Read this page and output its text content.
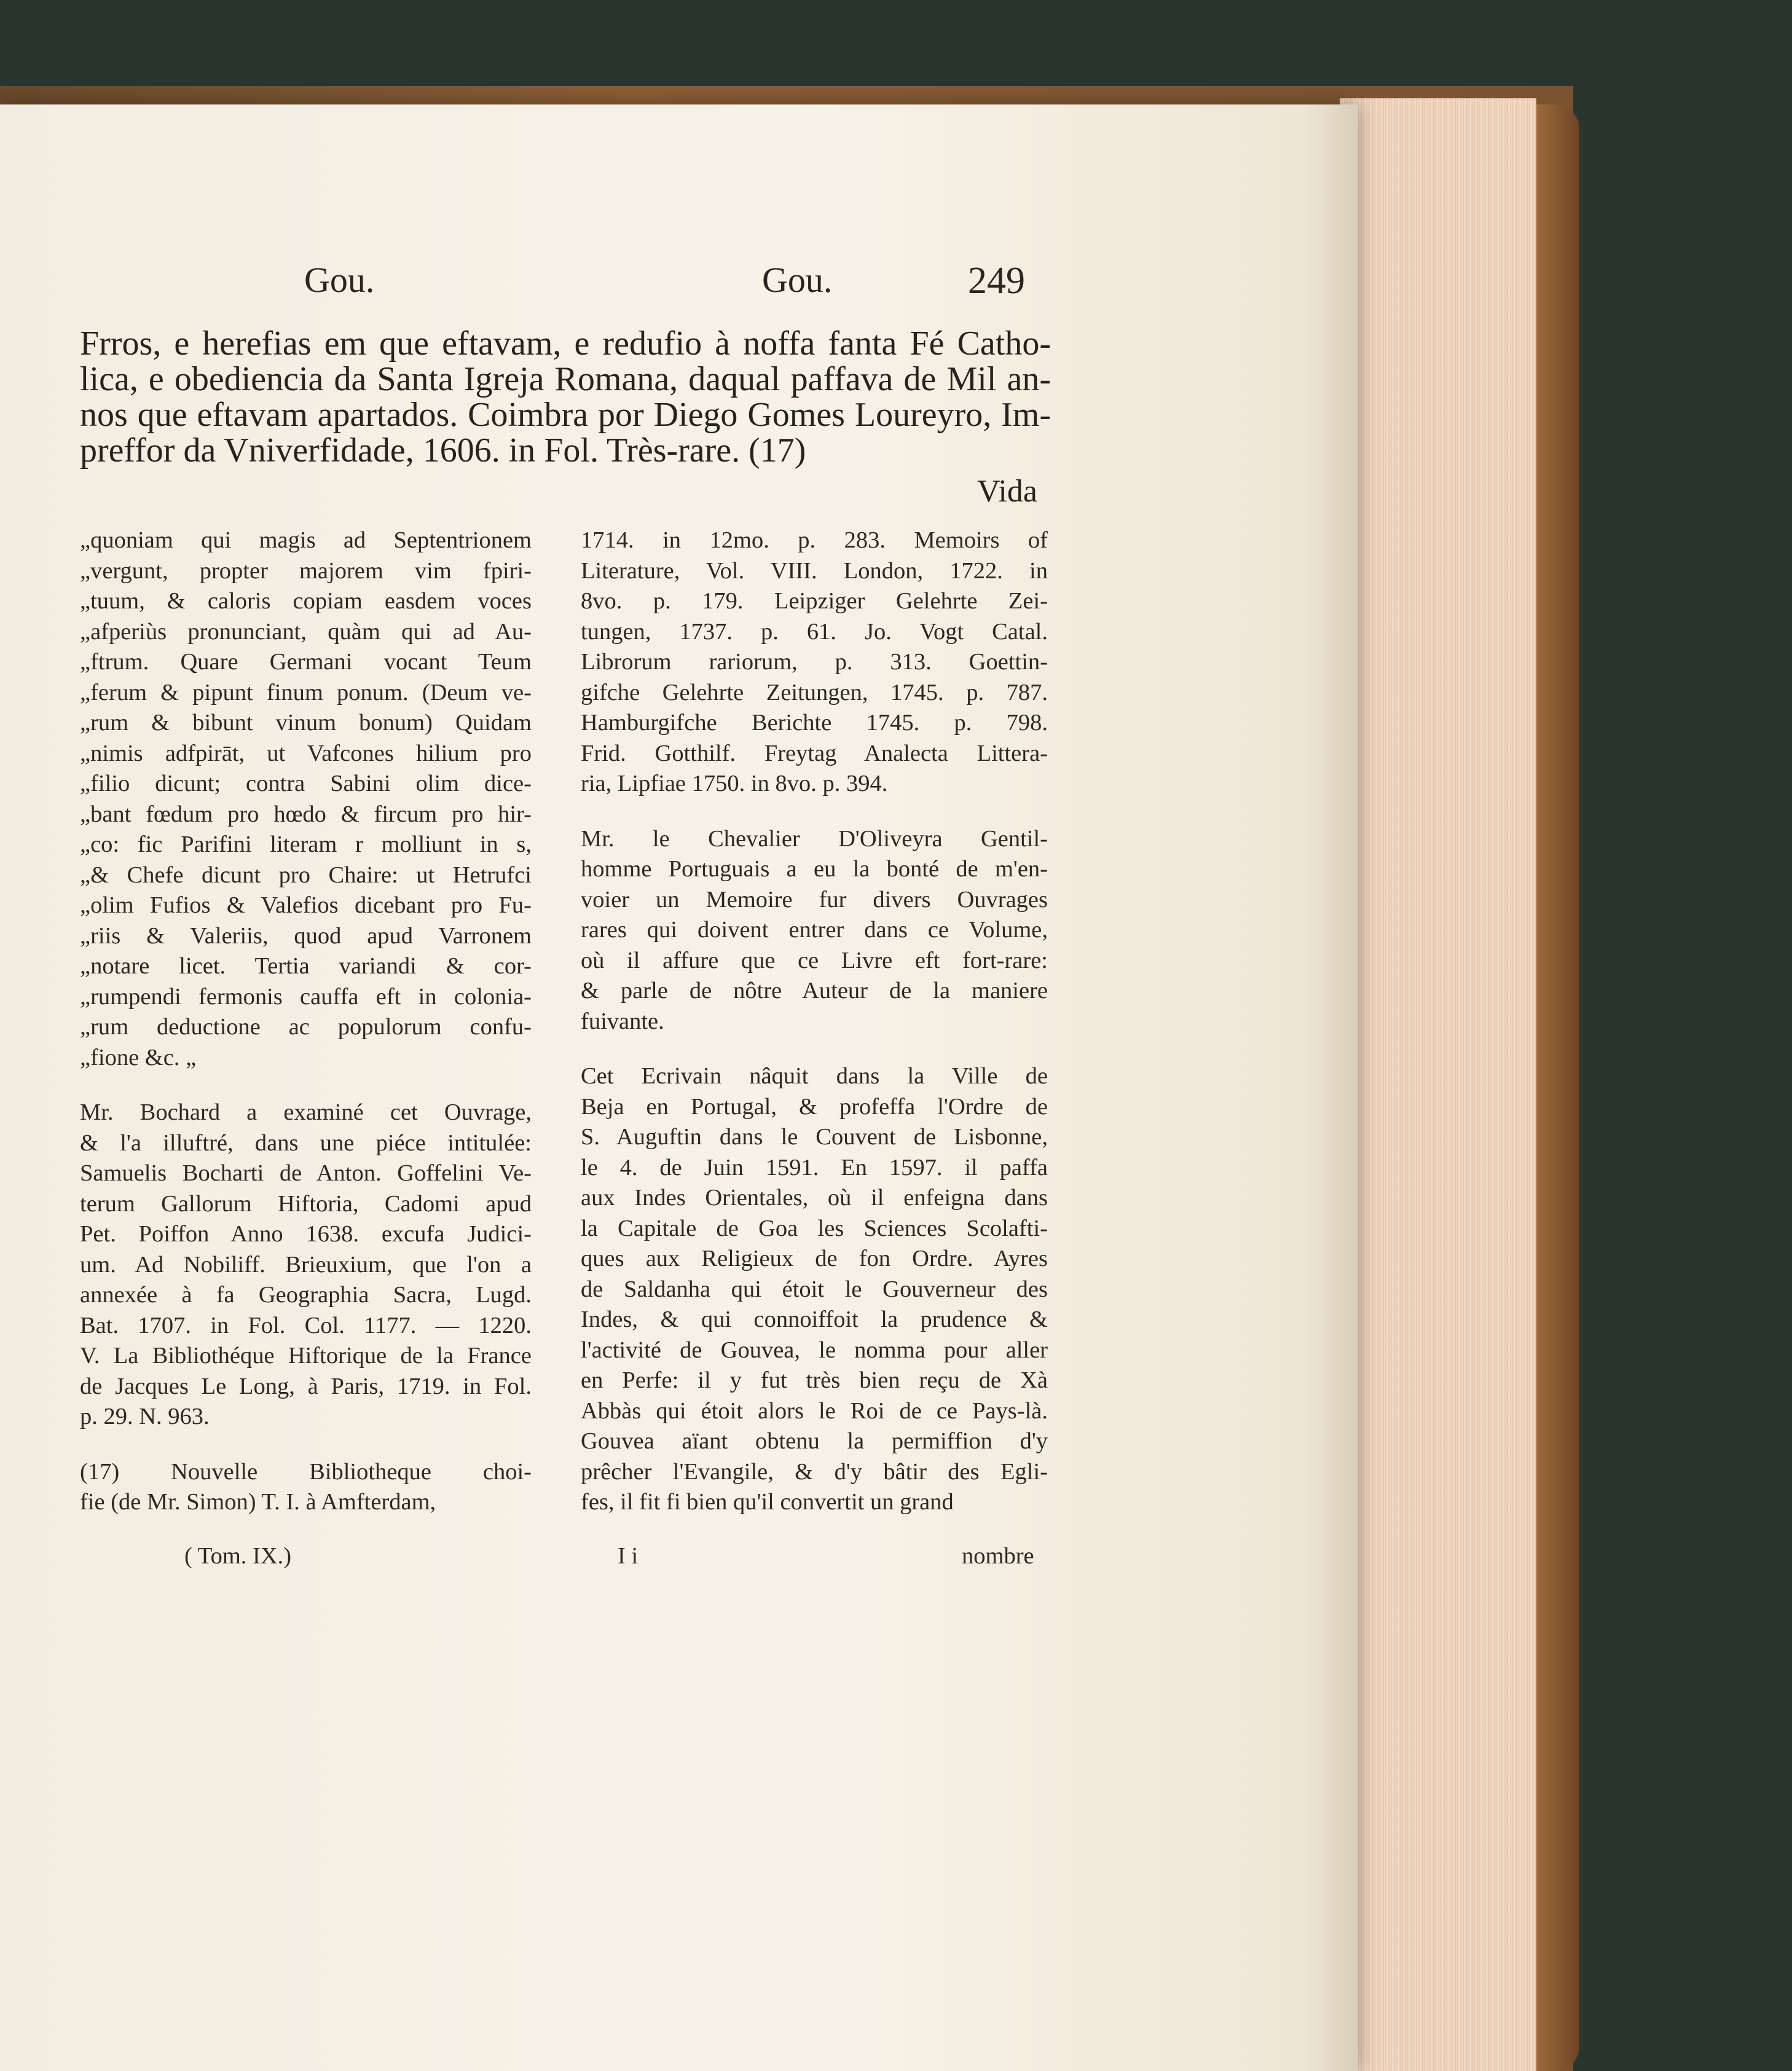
Gou.	Gou.	249
Frros, e herefias em que eftavam, e redufio à noffa fanta Fé Catho-
lica, e obediencia da Santa Igreja Romana, daqual paffava de Mil an-
nos que eftavam apartados. Coimbra por Diego Gomes Loureyro, Im-
preffor da Vniverfidade, 1606. in Fol. Très-rare. (17)
Vida
„quoniam qui magis ad Septentrionem
„vergunt, propter majorem vim fpiri-
„tuum, & caloris copiam easdem voces
„afperiùs pronunciant, quàm qui ad Au-
„ftrum. Quare Germani vocant Teum
„ferum & pipunt finum ponum. (Deum ve-
„rum & bibunt vinum bonum) Quidam
„nimis adfpirāt, ut Vafcones hilium pro
„filio dicunt; contra Sabini olim dice-
„bant fœdum pro hœdo & fircum pro hir-
„co: fic Parifini literam r molliunt in s,
„& Chefe dicunt pro Chaire: ut Hetrufci
„olim Fufios & Valefios dicebant pro Fu-
„riis & Valeriis, quod apud Varronem
„notare licet. Tertia variandi & cor-
„rumpendi fermonis cauffa eft in colonia-
„rum deductione ac populorum confu-
„fione &c. „
Mr. Bochard a examiné cet Ouvrage,
& l'a illuftré, dans une piéce intitulée:
Samuelis Bocharti de Anton. Goffelini Ve-
terum Gallorum Hiftoria, Cadomi apud
Pet. Poiffon Anno 1638. excufa Judici-
um. Ad Nobiliff. Brieuxium, que l'on a
annexée à fa Geographia Sacra, Lugd.
Bat. 1707. in Fol. Col. 1177. — 1220.
V. La Bibliothéque Hiftorique de la France
de Jacques Le Long, à Paris, 1719. in Fol.
p. 29. N. 963.
(17) Nouvelle Bibliotheque choi-
fie (de Mr. Simon) T. I. à Amfterdam,
1714. in 12mo. p. 283. Memoirs of
Literature, Vol. VIII. London, 1722. in
8vo. p. 179. Leipziger Gelehrte Zei-
tungen, 1737. p. 61. Jo. Vogt Catal.
Librorum rariorum, p. 313. Goettin-
gifche Gelehrte Zeitungen, 1745. p. 787.
Hamburgifche Berichte 1745. p. 798.
Frid. Gotthilf. Freytag Analecta Littera-
ria, Lipfiae 1750. in 8vo. p. 394.
Mr. le Chevalier D'Oliveyra Gentil-
homme Portuguais a eu la bonté de m'en-
voier un Memoire fur divers Ouvrages
rares qui doivent entrer dans ce Volume,
où il affure que ce Livre eft fort-rare:
& parle de nôtre Auteur de la maniere
fuivante.
Cet Ecrivain nâquit dans la Ville de
Beja en Portugal, & profeffa l'Ordre de
S. Auguftin dans le Couvent de Lisbonne,
le 4. de Juin 1591. En 1597. il paffa
aux Indes Orientales, où il enfeigna dans
la Capitale de Goa les Sciences Scolafti-
ques aux Religieux de fon Ordre. Ayres
de Saldanha qui étoit le Gouverneur des
Indes, & qui connoiffoit la prudence &
l'activité de Gouvea, le nomma pour aller
en Perfe: il y fut très bien reçu de Xà
Abbàs qui étoit alors le Roi de ce Pays-là.
Gouvea aïant obtenu la permiffion d'y
prêcher l'Evangile, & d'y bâtir des Egli-
fes, il fit fi bien qu'il convertit un grand
( Tom. IX.)	I i	nombre
